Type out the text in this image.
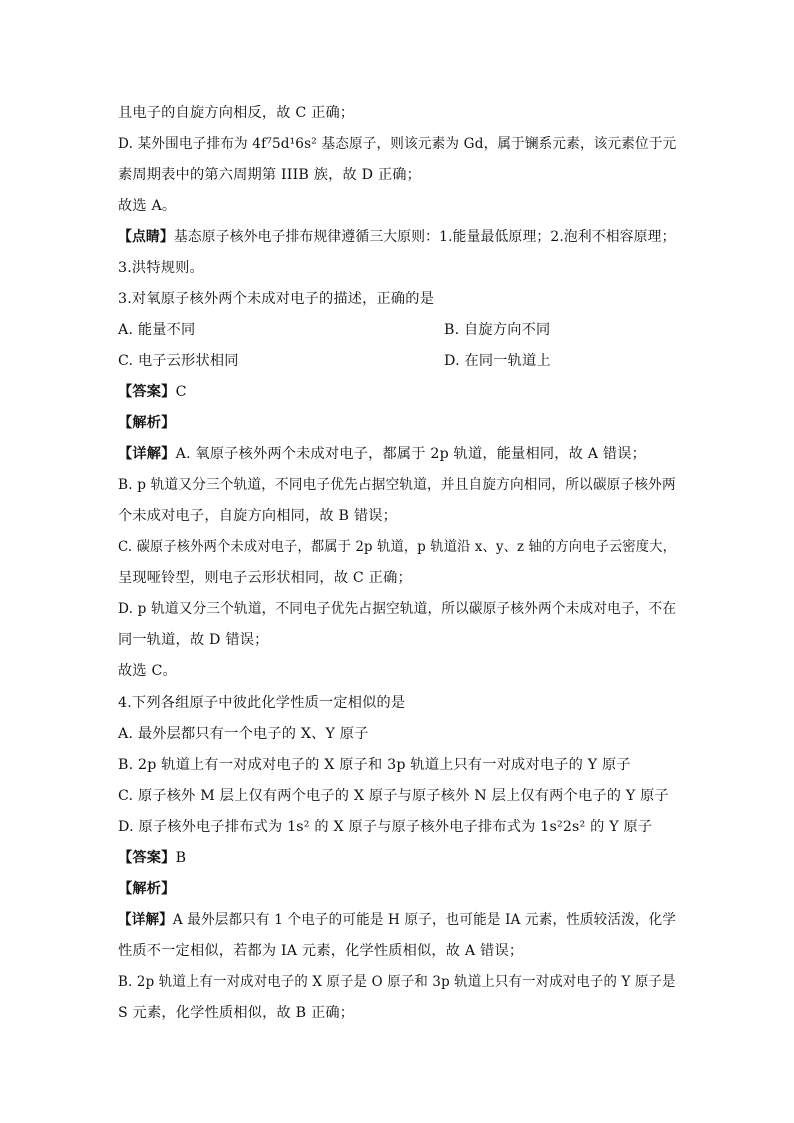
且电子的自旋方向相反，故 C 正确；
D. 某外围电子排布为 4f⁷5d¹6s² 基态原子，则该元素为 Gd，属于镧系元素，该元素位于元
素周期表中的第六周期第 IIIB 族，故 D 正确；
故选 A。
【点睛】基态原子核外电子排布规律遵循三大原则：1.能量最低原理；2.泡利不相容原理；
3.洪特规则。
3.对氧原子核外两个未成对电子的描述，正确的是
A. 能量不同	B. 自旋方向不同
C. 电子云形状相同	D. 在同一轨道上
【答案】C
【解析】
【详解】A. 氧原子核外两个未成对电子，都属于 2p 轨道，能量相同，故 A 错误；
B. p 轨道又分三个轨道，不同电子优先占据空轨道，并且自旋方向相同，所以碳原子核外两
个未成对电子，自旋方向相同，故 B 错误；
C. 碳原子核外两个未成对电子，都属于 2p 轨道，p 轨道沿 x、y、z 轴的方向电子云密度大，
呈现哑铃型，则电子云形状相同，故 C 正确；
D. p 轨道又分三个轨道，不同电子优先占据空轨道，所以碳原子核外两个未成对电子，不在
同一轨道，故 D 错误；
故选 C。
4.下列各组原子中彼此化学性质一定相似的是
A. 最外层都只有一个电子的 X、Y 原子
B. 2p 轨道上有一对成对电子的 X 原子和 3p 轨道上只有一对成对电子的 Y 原子
C. 原子核外 M 层上仅有两个电子的 X 原子与原子核外 N 层上仅有两个电子的 Y 原子
D. 原子核外电子排布式为 1s² 的 X 原子与原子核外电子排布式为 1s²2s² 的 Y 原子
【答案】B
【解析】
【详解】A 最外层都只有 1 个电子的可能是 H 原子，也可能是 IA 元素，性质较活泼，化学
性质不一定相似，若都为 IA 元素，化学性质相似，故 A 错误；
B. 2p 轨道上有一对成对电子的 X 原子是 O 原子和 3p 轨道上只有一对成对电子的 Y 原子是
S 元素，化学性质相似，故 B 正确；
